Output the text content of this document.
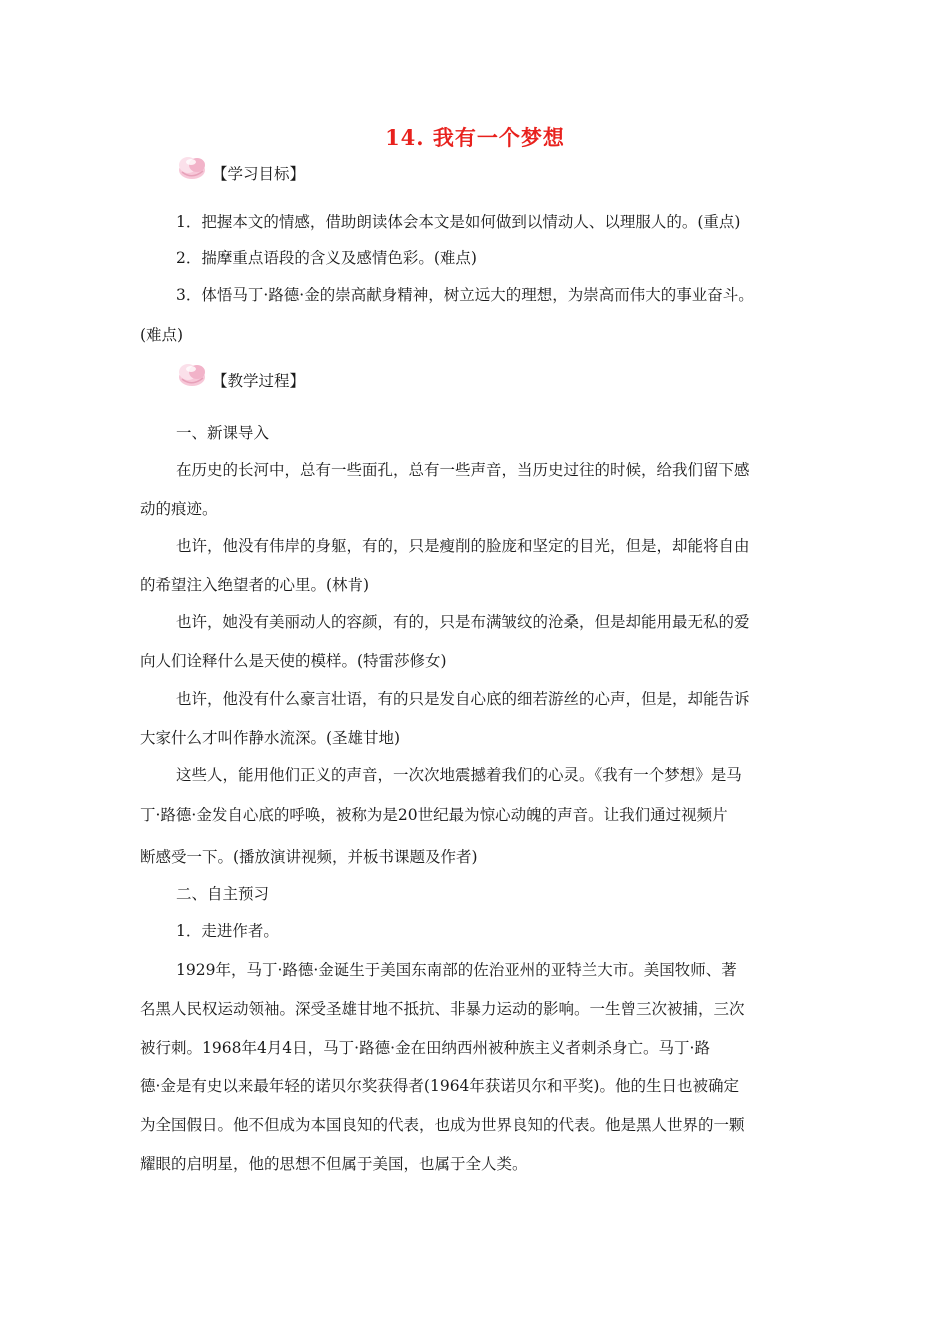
14. 我有一个梦想
【学习目标】
1．把握本文的情感，借助朗读体会本文是如何做到以情动人、以理服人的。(重点)
2．揣摩重点语段的含义及感情色彩。(难点)
3．体悟马丁·路德·金的崇高献身精神，树立远大的理想，为崇高而伟大的事业奋斗。
(难点)
【教学过程】
一、新课导入
在历史的长河中，总有一些面孔，总有一些声音，当历史过往的时候，给我们留下感
动的痕迹。
也许，他没有伟岸的身躯，有的，只是瘦削的脸庞和坚定的目光，但是，却能将自由
的希望注入绝望者的心里。(林肯)
也许，她没有美丽动人的容颜，有的，只是布满皱纹的沧桑，但是却能用最无私的爱
向人们诠释什么是天使的模样。(特雷莎修女)
也许，他没有什么豪言壮语，有的只是发自心底的细若游丝的心声，但是，却能告诉
大家什么才叫作静水流深。(圣雄甘地)
这些人，能用他们正义的声音，一次次地震撼着我们的心灵。《我有一个梦想》是马
丁·路德·金发自心底的呼唤，被称为是20世纪最为惊心动魄的声音。让我们通过视频片
断感受一下。(播放演讲视频，并板书课题及作者)
二、自主预习
1．走进作者。
1929年，马丁·路德·金诞生于美国东南部的佐治亚州的亚特兰大市。美国牧师、著
名黑人民权运动领袖。深受圣雄甘地不抵抗、非暴力运动的影响。一生曾三次被捕，三次
被行刺。1968年4月4日，马丁·路德·金在田纳西州被种族主义者刺杀身亡。马丁·路
德·金是有史以来最年轻的诺贝尔奖获得者(1964年获诺贝尔和平奖)。他的生日也被确定
为全国假日。他不但成为本国良知的代表，也成为世界良知的代表。他是黑人世界的一颗
耀眼的启明星，他的思想不但属于美国，也属于全人类。
